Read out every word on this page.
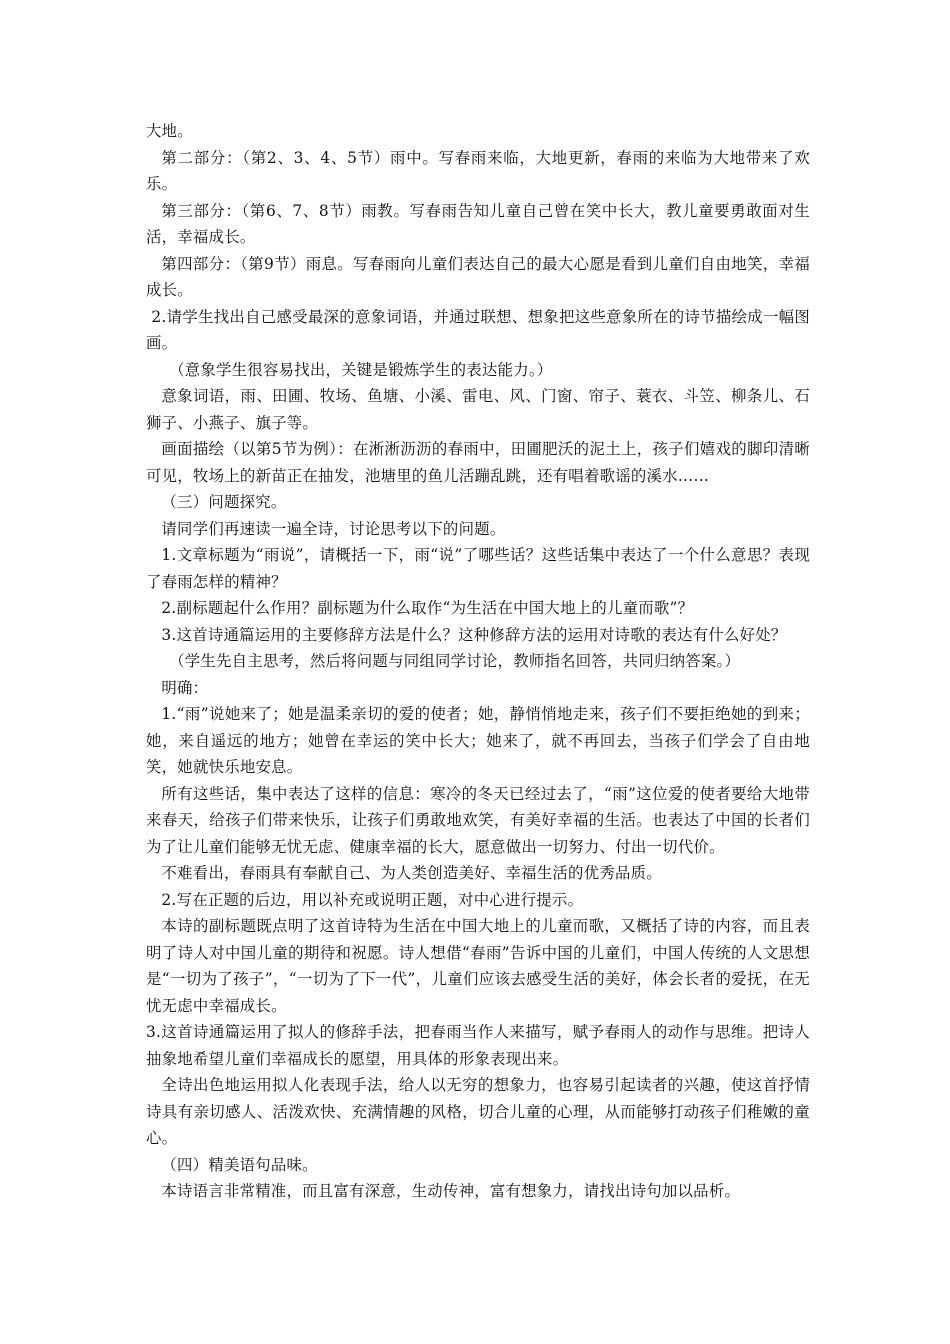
大地。

第二部分：（第2、3、4、5节）雨中。写春雨来临，大地更新，春雨的来临为大地带来了欢乐。

第三部分：（第6、7、8节）雨教。写春雨告知儿童自己曾在笑中长大，教儿童要勇敢面对生活，幸福成长。

第四部分：（第9节）雨息。写春雨向儿童们表达自己的最大心愿是看到儿童们自由地笑，幸福成长。

2.请学生找出自己感受最深的意象词语，并通过联想、想象把这些意象所在的诗节描绘成一幅图画。

（意象学生很容易找出，关键是锻炼学生的表达能力。）

意象词语，雨、田圃、牧场、鱼塘、小溪、雷电、风、门窗、帘子、蓑衣、斗笠、柳条儿、石狮子、小燕子、旗子等。

画面描绘（以第5节为例）：在淅淅沥沥的春雨中，田圃肥沃的泥土上，孩子们嬉戏的脚印清晰可见，牧场上的新苗正在抽发，池塘里的鱼儿活蹦乱跳，还有唱着歌谣的溪水……

（三）问题探究。

请同学们再速读一遍全诗，讨论思考以下的问题。

1.文章标题为“雨说”，请概括一下，雨“说”了哪些话？这些话集中表达了一个什么意思？表现了春雨怎样的精神？

2.副标题起什么作用？副标题为什么取作“为生活在中国大地上的儿童而歌”？

3.这首诗通篇运用的主要修辞方法是什么？这种修辞方法的运用对诗歌的表达有什么好处？

（学生先自主思考，然后将问题与同组同学讨论，教师指名回答，共同归纳答案。）

明确：

1.“雨”说她来了；她是温柔亲切的爱的使者；她，静悄悄地走来，孩子们不要拒绝她的到来；她，来自遥远的地方；她曾在幸运的笑中长大；她来了，就不再回去，当孩子们学会了自由地笑，她就快乐地安息。

所有这些话，集中表达了这样的信息：寒冷的冬天已经过去了，“雨”这位爱的使者要给大地带来春天，给孩子们带来快乐，让孩子们勇敢地欢笑，有美好幸福的生活。也表达了中国的长者们为了让儿童们能够无忧无虑、健康幸福的长大，愿意做出一切努力、付出一切代价。

不难看出，春雨具有奉献自己、为人类创造美好、幸福生活的优秀品质。

2.写在正题的后边，用以补充或说明正题，对中心进行提示。

本诗的副标题既点明了这首诗特为生活在中国大地上的儿童而歌，又概括了诗的内容，而且表明了诗人对中国儿童的期待和祝愿。诗人想借“春雨”告诉中国的儿童们，中国人传统的人文思想是“一切为了孩子”，“一切为了下一代”，儿童们应该去感受生活的美好，体会长者的爱抚，在无忧无虑中幸福成长。

3.这首诗通篇运用了拟人的修辞手法，把春雨当作人来描写，赋予春雨人的动作与思维。把诗人抽象地希望儿童们幸福成长的愿望，用具体的形象表现出来。

全诗出色地运用拟人化表现手法，给人以无穷的想象力，也容易引起读者的兴趣，使这首抒情诗具有亲切感人、活泼欢快、充满情趣的风格，切合儿童的心理，从而能够打动孩子们稚嫩的童心。

（四）精美语句品味。

本诗语言非常精准，而且富有深意，生动传神，富有想象力，请找出诗句加以品析。
